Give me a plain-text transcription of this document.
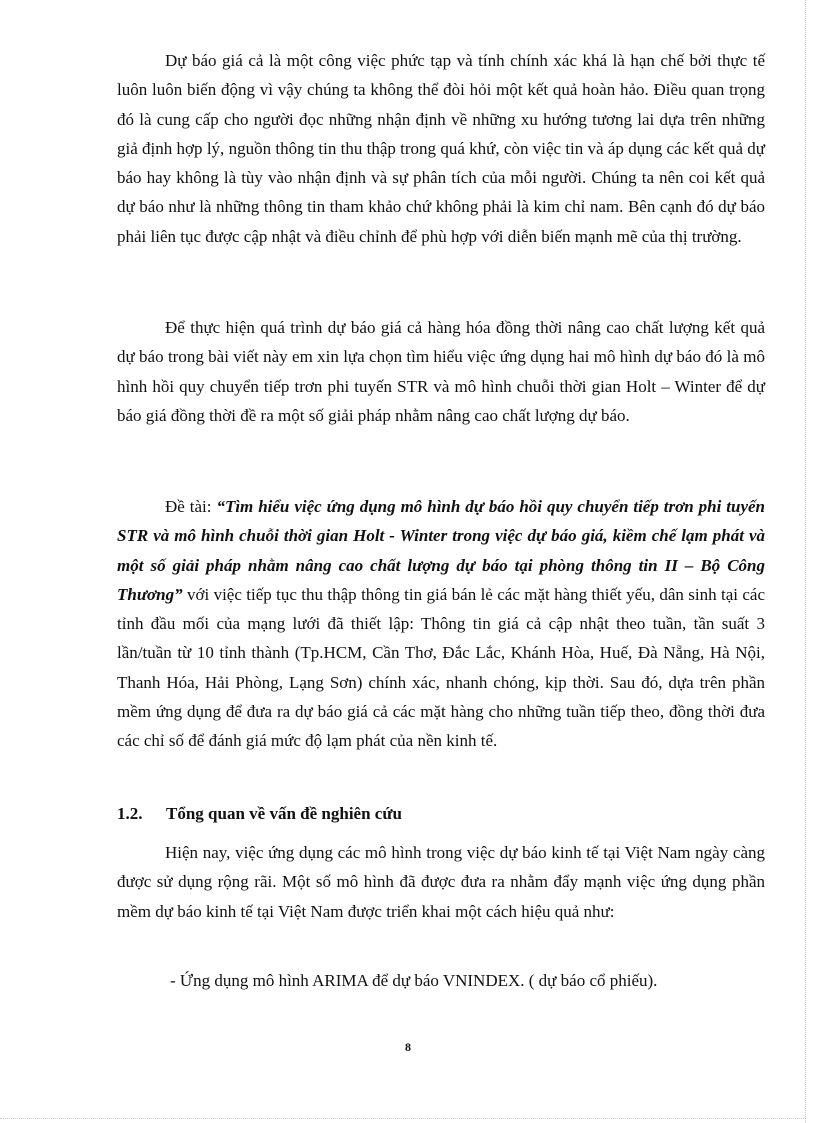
Dự báo giá cả là một công việc phức tạp và tính chính xác khá là hạn chế bởi thực tế luôn luôn biến động vì vậy chúng ta không thể đòi hỏi một kết quả hoàn hảo. Điều quan trọng đó là cung cấp cho người đọc những nhận định về những xu hướng tương lai dựa trên những giả định hợp lý, nguồn thông tin thu thập trong quá khứ, còn việc tin và áp dụng các kết quả dự báo hay không là tùy vào nhận định và sự phân tích của mỗi người. Chúng ta nên coi kết quả dự báo như là những thông tin tham khảo chứ không phải là kim chỉ nam. Bên cạnh đó dự báo phải liên tục được cập nhật và điều chỉnh để phù hợp với diễn biến mạnh mẽ của thị trường.

Để thực hiện quá trình dự báo giá cả hàng hóa đồng thời nâng cao chất lượng kết quả dự báo trong bài viết này em xin lựa chọn tìm hiểu việc ứng dụng hai mô hình dự báo đó là mô hình hồi quy chuyển tiếp trơn phi tuyến STR và mô hình chuỗi thời gian Holt – Winter để dự báo giá đồng thời đề ra một số giải pháp nhằm nâng cao chất lượng dự báo.

Đề tài: “Tìm hiểu việc ứng dụng mô hình dự báo hồi quy chuyển tiếp trơn phi tuyến STR và mô hình chuỗi thời gian Holt - Winter trong việc dự báo giá, kiềm chế lạm phát và một số giải pháp nhằm nâng cao chất lượng dự báo tại phòng thông tin II – Bộ Công Thương” với việc tiếp tục thu thập thông tin giá bán lẻ các mặt hàng thiết yếu, dân sinh tại các tỉnh đầu mối của mạng lưới đã thiết lập: Thông tin giá cả cập nhật theo tuần, tần suất 3 lần/tuần từ 10 tỉnh thành (Tp.HCM, Cần Thơ, Đắc Lắc, Khánh Hòa, Huế, Đà Nẵng, Hà Nội, Thanh Hóa, Hải Phòng, Lạng Sơn) chính xác, nhanh chóng, kịp thời. Sau đó, dựa trên phần mềm ứng dụng để đưa ra dự báo giá cả các mặt hàng cho những tuần tiếp theo, đồng thời đưa các chỉ số để đánh giá mức độ lạm phát của nền kinh tế.

1.2. Tổng quan về vấn đề nghiên cứu

Hiện nay, việc ứng dụng các mô hình trong việc dự báo kinh tế tại Việt Nam ngày càng được sử dụng rộng rãi. Một số mô hình đã được đưa ra nhằm đẩy mạnh việc ứng dụng phần mềm dự báo kinh tế tại Việt Nam được triển khai một cách hiệu quả như:

- Ứng dụng mô hình ARIMA để dự báo VNINDEX. ( dự báo cổ phiếu).
8
